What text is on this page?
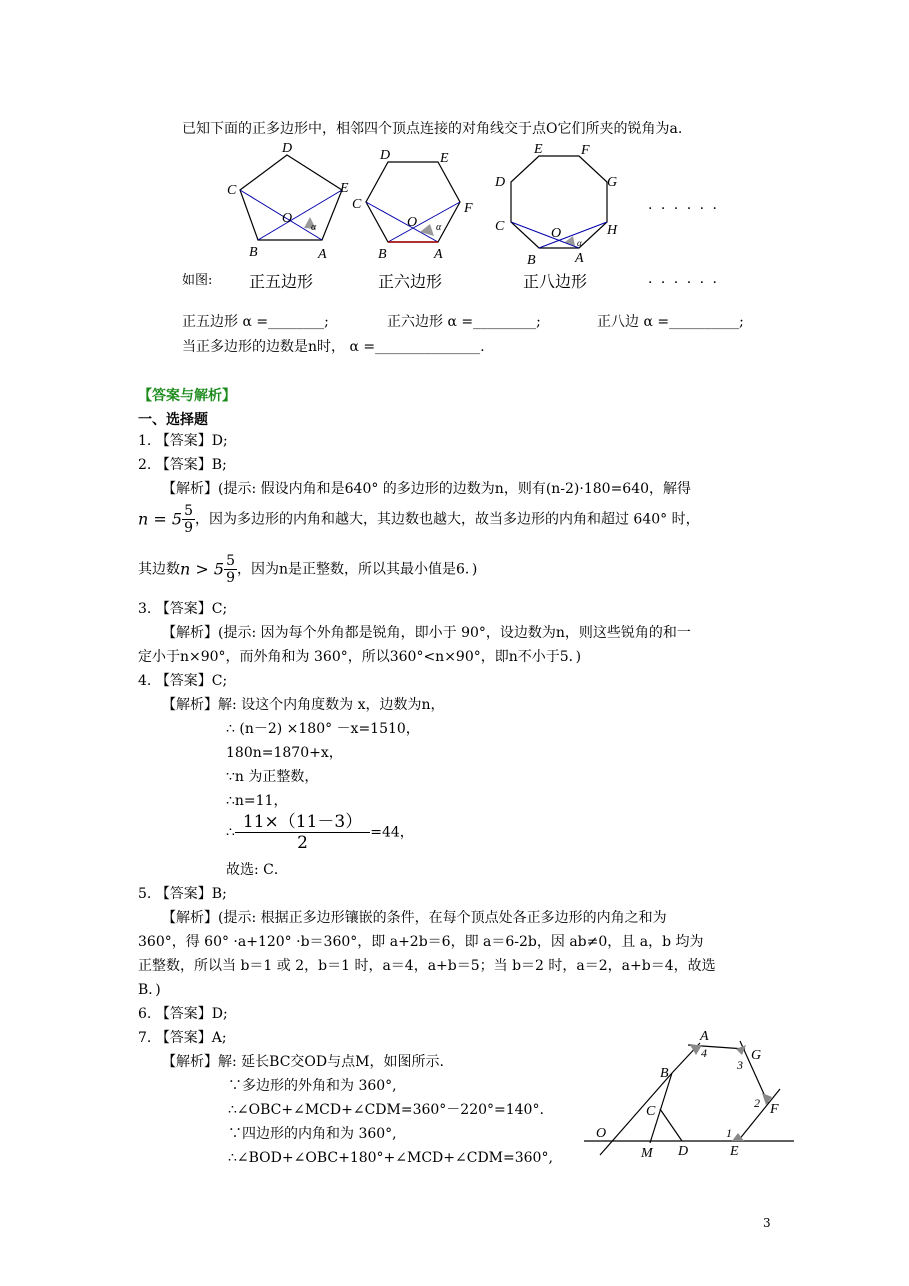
已知下面的正多边形中，相邻四个顶点连接的对角线交于点O它们所夹的锐角为a.
D
C	E
O
B	A
α
D	E
C	F
O
B	A
α
E	F
D	G
C	O	H
B	A
α
· · · · · ·
如图: 正五边形	正六边形	正八边形	· · · · · ·
正五边形 α =________;	正六边形 α =_________;	正八边 α =__________;
当正多边形的边数是n时， α =_______________.
【答案与解析】
一、选择题
1. 【答案】D;
2. 【答案】B;
【解析】(提示: 假设内角和是640° 的多边形的边数为n，则有(n-2)·180=640，解得
$n = 5 \frac{5}{9}$ ，因为多边形的内角和越大，其边数也越大，故当多边形的内角和超过 640° 时，
其边数$n > 5 \frac{5}{9}$ ，因为n是正整数，所以其最小值是6．)
3. 【答案】C;
【解析】(提示: 因为每个外角都是锐角，即小于 90°，设边数为n，则这些锐角的和一
定小于n×90°，而外角和为 360°，所以360°<n×90°，即n不小于5．)
4. 【答案】C;
【解析】解: 设这个内角度数为 x，边数为n，
∴ (n－2) ×180° －x=1510，
180n=1870+x，
∵n 为正整数，
∴n=11，
∴ $\frac{11\times(11-3)}{2} =44$，
故选: C．
5. 【答案】B;
【解析】(提示: 根据正多边形镶嵌的条件，在每个顶点处各正多边形的内角之和为
360°，得 60° ·a+120° ·b＝360°，即 a+2b＝6，即 a＝6-2b，因 ab≠0，且 a，b 均为
正整数，所以当 b＝1 或 2，b＝1 时，a＝4，a+b＝5；当 b＝2 时，a＝2，a+b＝4，故选
B．)
6. 【答案】D;
7. 【答案】A;
【解析】解: 延长BC交OD与点M，如图所示.
∵多边形的外角和为 360°,
∴∠OBC+∠MCD+∠CDM=360°－220°=140°.
∵四边形的内角和为 360°,
∴∠BOD+∠OBC+180°+∠MCD+∠CDM=360°,
A
4	G
3
B
C
2 F
1
O
M D	E
3
